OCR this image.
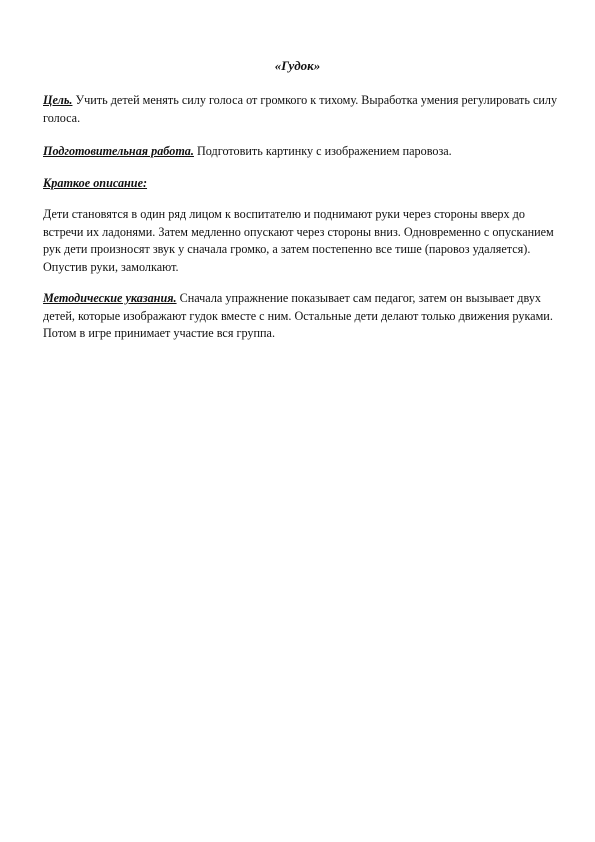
«Гудок»
Цель. Учить детей менять силу голоса от громкого к тихому. Выработка умения регулировать силу голоса.
Подготовительная работа. Подготовить картинку с изображением паровоза.
Краткое описание:
Дети становятся в один ряд лицом к воспитателю и поднимают руки через стороны вверх до встречи их ладонями. Затем медленно опускают через стороны вниз. Одновременно с опусканием рук дети произносят звук у сначала громко, а затем постепенно все тише (паровоз удаляется). Опустив руки, замолкают.
Методические указания. Сначала упражнение показывает сам педагог, затем он вызывает двух детей, которые изображают гудок вместе с ним. Остальные дети делают только движения руками. Потом в игре принимает участие вся группа.
